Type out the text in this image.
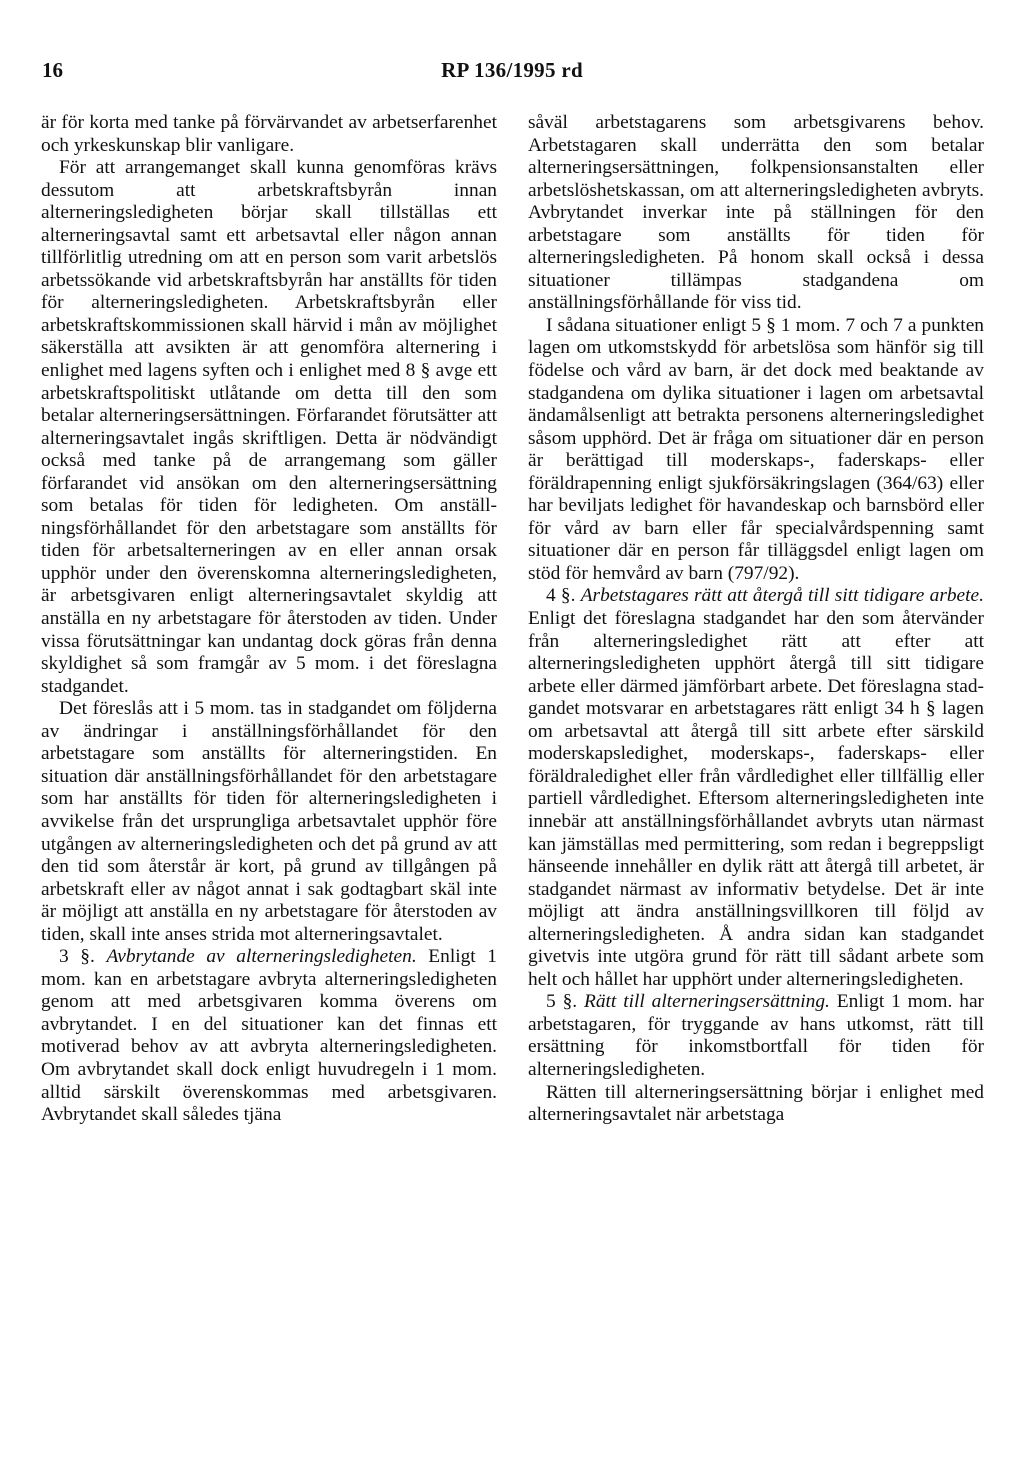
16	RP 136/1995 rd

är för korta med tanke på förvärvandet av arbetserfarenhet och yrkeskunskap blir vanligare.

För att arrangemanget skall kunna genomföras krävs dessutom att arbetskraftsbyrån innan alterneringsledigheten börjar skall tillställas ett alterneringsavtal samt ett arbetsavtal eller någon annan tillförlitlig utredning om att en person som varit arbetslös arbetssökande vid arbetskraftsbyrån har anställts för tiden för alterneringsledigheten. Arbetskraftsbyrån eller arbetskraftskommissionen skall härvid i mån av möjlighet säkerställa att avsikten är att genomföra alternering i enlighet med lagens syften och i enlighet med 8 § avge ett arbetskraftspolitiskt utlåtande om detta till den som betalar alterneringsersättningen. Förfarandet förutsätter att alterneringsavtalet ingås skriftligen. Detta är nödvändigt också med tanke på de arrangemang som gäller förfarandet vid ansökan om den alterneringsersättning som betalas för tiden för ledigheten. Om anställningsförhållandet för den arbetstagare som anställts för tiden för arbetsalterneringen av en eller annan orsak upphör under den överenskomna alterneringsledigheten, är arbetsgivaren enligt alterneringsavtalet skyldig att anställa en ny arbetstagare för återstoden av tiden. Under vissa förutsättningar kan undantag dock göras från denna skyldighet så som framgår av 5 mom. i det föreslagna stadgandet.

Det föreslås att i 5 mom. tas in stadgandet om följderna av ändringar i anställningsförhållandet för den arbetstagare som anställts för alterneringstiden. En situation där anställningsförhållandet för den arbetstagare som har anställts för tiden för alterneringsledigheten i avvikelse från det ursprungliga arbetsavtalet upphör före utgången av alterneringsledigheten och det på grund av att den tid som återstår är kort, på grund av tillgången på arbetskraft eller av något annat i sak godtagbart skäl inte är möjligt att anställa en ny arbetstagare för återstoden av tiden, skall inte anses strida mot alterneringsavtalet.

3 §. Avbrytande av alterneringsledigheten. Enligt 1 mom. kan en arbetstagare avbryta alterneringsledigheten genom att med arbetsgivaren komma överens om avbrytandet. I en del situationer kan det finnas ett motiverad behov av att avbryta alterneringsledigheten. Om avbrytandet skall dock enligt huvudregeln i 1 mom. alltid särskilt överenskommas med arbetsgivaren. Avbrytandet skall således tjäna

såväl arbetstagarens som arbetsgivarens behov. Arbetstagaren skall underrätta den som betalar alterneringsersättningen, folkpensionsanstalten eller arbetslöshetskassan, om att alterneringsledigheten avbryts. Avbrytandet inverkar inte på ställningen för den arbetstagare som anställts för tiden för alterneringsledigheten. På honom skall också i dessa situationer tillämpas stadgandena om anställningsförhållande för viss tid.

I sådana situationer enligt 5 § 1 mom. 7 och 7 a punkten lagen om utkomstskydd för arbetslösa som hänför sig till födelse och vård av barn, är det dock med beaktande av stadgandena om dylika situationer i lagen om arbetsavtal ändamålsenligt att betrakta personens alterneringsledighet såsom upphörd. Det är fråga om situationer där en person är berättigad till moderskaps-, faderskaps- eller föräldrapenning enligt sjukförsäkringslagen (364/63) eller har beviljats ledighet för havandeskap och barnsbörd eller för vård av barn eller får specialvårdspenning samt situationer där en person får tilläggsdel enligt lagen om stöd för hemvård av barn (797/92).

4 §. Arbetstagares rätt att återgå till sitt tidigare arbete. Enligt det föreslagna stadgandet har den som återvänder från alterneringsledighet rätt att efter att alterneringsledigheten upphört återgå till sitt tidigare arbete eller därmed jämförbart arbete. Det föreslagna stadgandet motsvarar en arbetstagares rätt enligt 34 h § lagen om arbetsavtal att återgå till sitt arbete efter särskild moderskapsledighet, moderskaps-, faderskaps- eller föräldraledighet eller från vårdledighet eller tillfällig eller partiell vårdledighet. Eftersom alterneringsledigheten inte innebär att anställningsförhållandet avbryts utan närmast kan jämställas med permittering, som redan i begreppsligt hänseende innehåller en dylik rätt att återgå till arbetet, är stadgandet närmast av informativ betydelse. Det är inte möjligt att ändra anställningsvillkoren till följd av alterneringsledigheten. Å andra sidan kan stadgandet givetvis inte utgöra grund för rätt till sådant arbete som helt och hållet har upphört under alterneringsledigheten.

5 §. Rätt till alterneringsersättning. Enligt 1 mom. har arbetstagaren, för tryggande av hans utkomst, rätt till ersättning för inkomstbortfall för tiden för alterneringsledigheten.

Rätten till alterneringsersättning börjar i enlighet med alterneringsavtalet när arbetstaga
